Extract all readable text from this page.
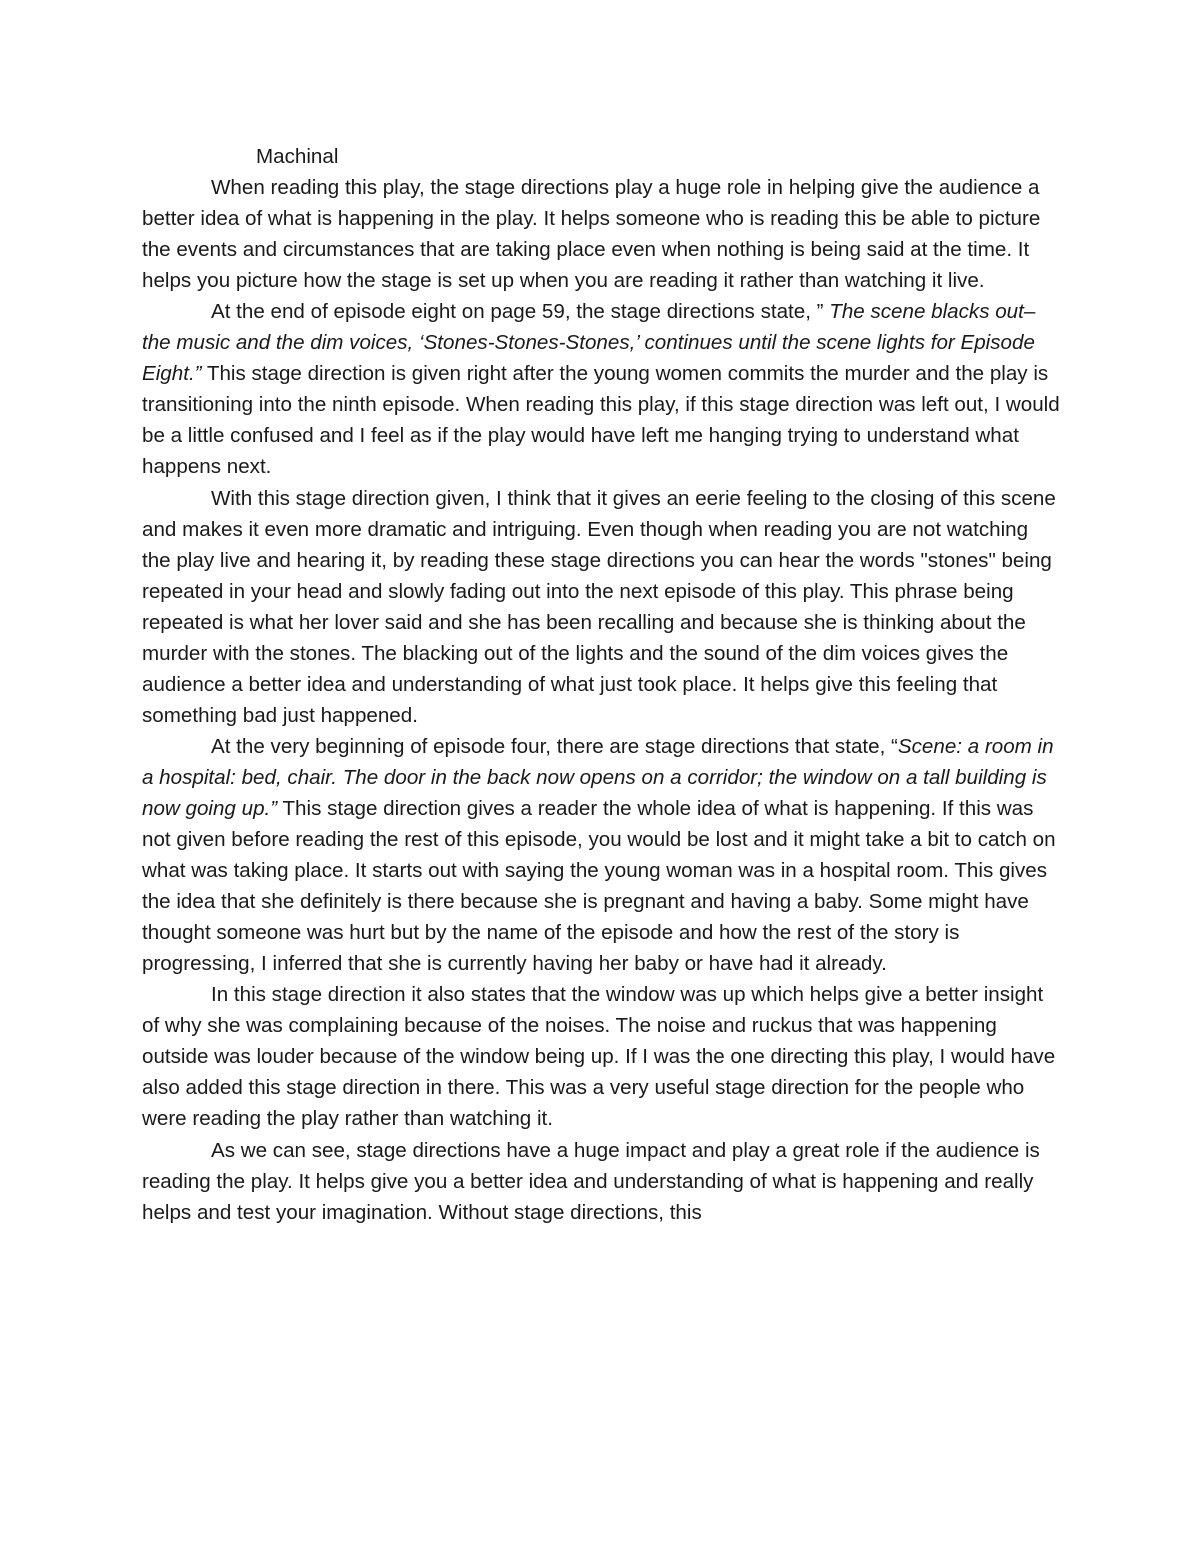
Machinal

When reading this play, the stage directions play a huge role in helping give the audience a better idea of what is happening in the play. It helps someone who is reading this be able to picture the events and circumstances that are taking place even when nothing is being said at the time. It helps you picture how the stage is set up when you are reading it rather than watching it live.

At the end of episode eight on page 59, the stage directions state, ” The scene blacks out–the music and the dim voices, ‘Stones-Stones-Stones,’ continues until the scene lights for Episode Eight.” This stage direction is given right after the young women commits the murder and the play is transitioning into the ninth episode. When reading this play, if this stage direction was left out, I would be a little confused and I feel as if the play would have left me hanging trying to understand what happens next.

With this stage direction given, I think that it gives an eerie feeling to the closing of this scene and makes it even more dramatic and intriguing. Even though when reading you are not watching the play live and hearing it, by reading these stage directions you can hear the words "stones" being repeated in your head and slowly fading out into the next episode of this play. This phrase being repeated is what her lover said and she has been recalling and because she is thinking about the murder with the stones. The blacking out of the lights and the sound of the dim voices gives the audience a better idea and understanding of what just took place. It helps give this feeling that something bad just happened.

At the very beginning of episode four, there are stage directions that state, “Scene: a room in a hospital: bed, chair. The door in the back now opens on a corridor; the window on a tall building is now going up.” This stage direction gives a reader the whole idea of what is happening. If this was not given before reading the rest of this episode, you would be lost and it might take a bit to catch on what was taking place. It starts out with saying the young woman was in a hospital room. This gives the idea that she definitely is there because she is pregnant and having a baby. Some might have thought someone was hurt but by the name of the episode and how the rest of the story is progressing, I inferred that she is currently having her baby or have had it already.

In this stage direction it also states that the window was up which helps give a better insight of why she was complaining because of the noises. The noise and ruckus that was happening outside was louder because of the window being up. If I was the one directing this play, I would have also added this stage direction in there. This was a very useful stage direction for the people who were reading the play rather than watching it.

As we can see, stage directions have a huge impact and play a great role if the audience is reading the play. It helps give you a better idea and understanding of what is happening and really helps and test your imagination. Without stage directions, this
